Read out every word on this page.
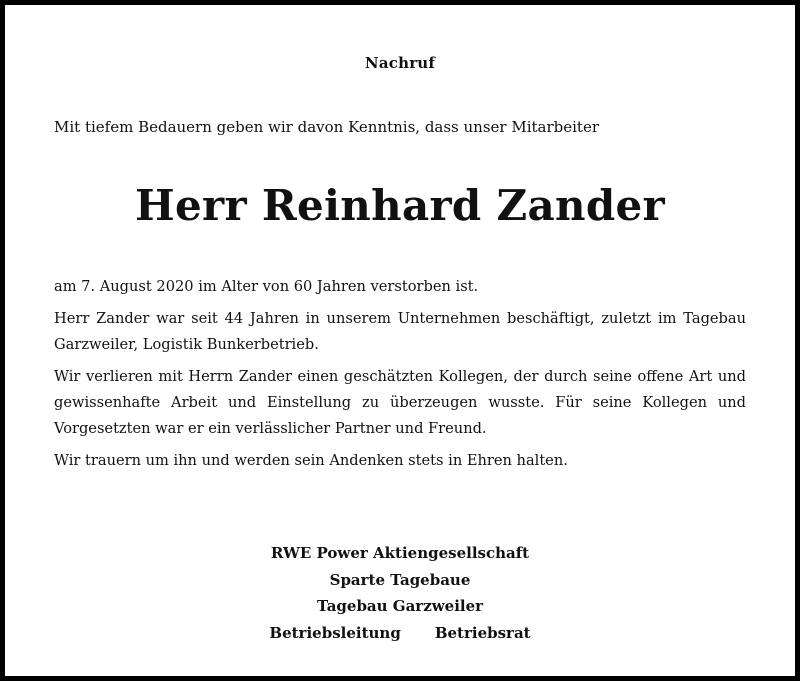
Nachruf
Mit tiefem Bedauern geben wir davon Kenntnis, dass unser Mitarbeiter
Herr Reinhard Zander

am 7. August 2020 im Alter von 60 Jahren verstorben ist.

Herr Zander war seit 44 Jahren in unserem Unternehmen beschäftigt, zuletzt im Tagebau Garzweiler, Logistik Bunkerbetrieb.

Wir verlieren mit Herrn Zander einen geschätzten Kollegen, der durch seine offene Art und gewissenhafte Arbeit und Einstellung zu überzeugen wusste. Für seine Kollegen und Vorgesetzten war er ein verlässlicher Partner und Freund.

Wir trauern um ihn und werden sein Andenken stets in Ehren halten.

RWE Power Aktiengesellschaft
Sparte Tagebaue
Tagebau Garzweiler
Betriebsleitung Betriebsrat
